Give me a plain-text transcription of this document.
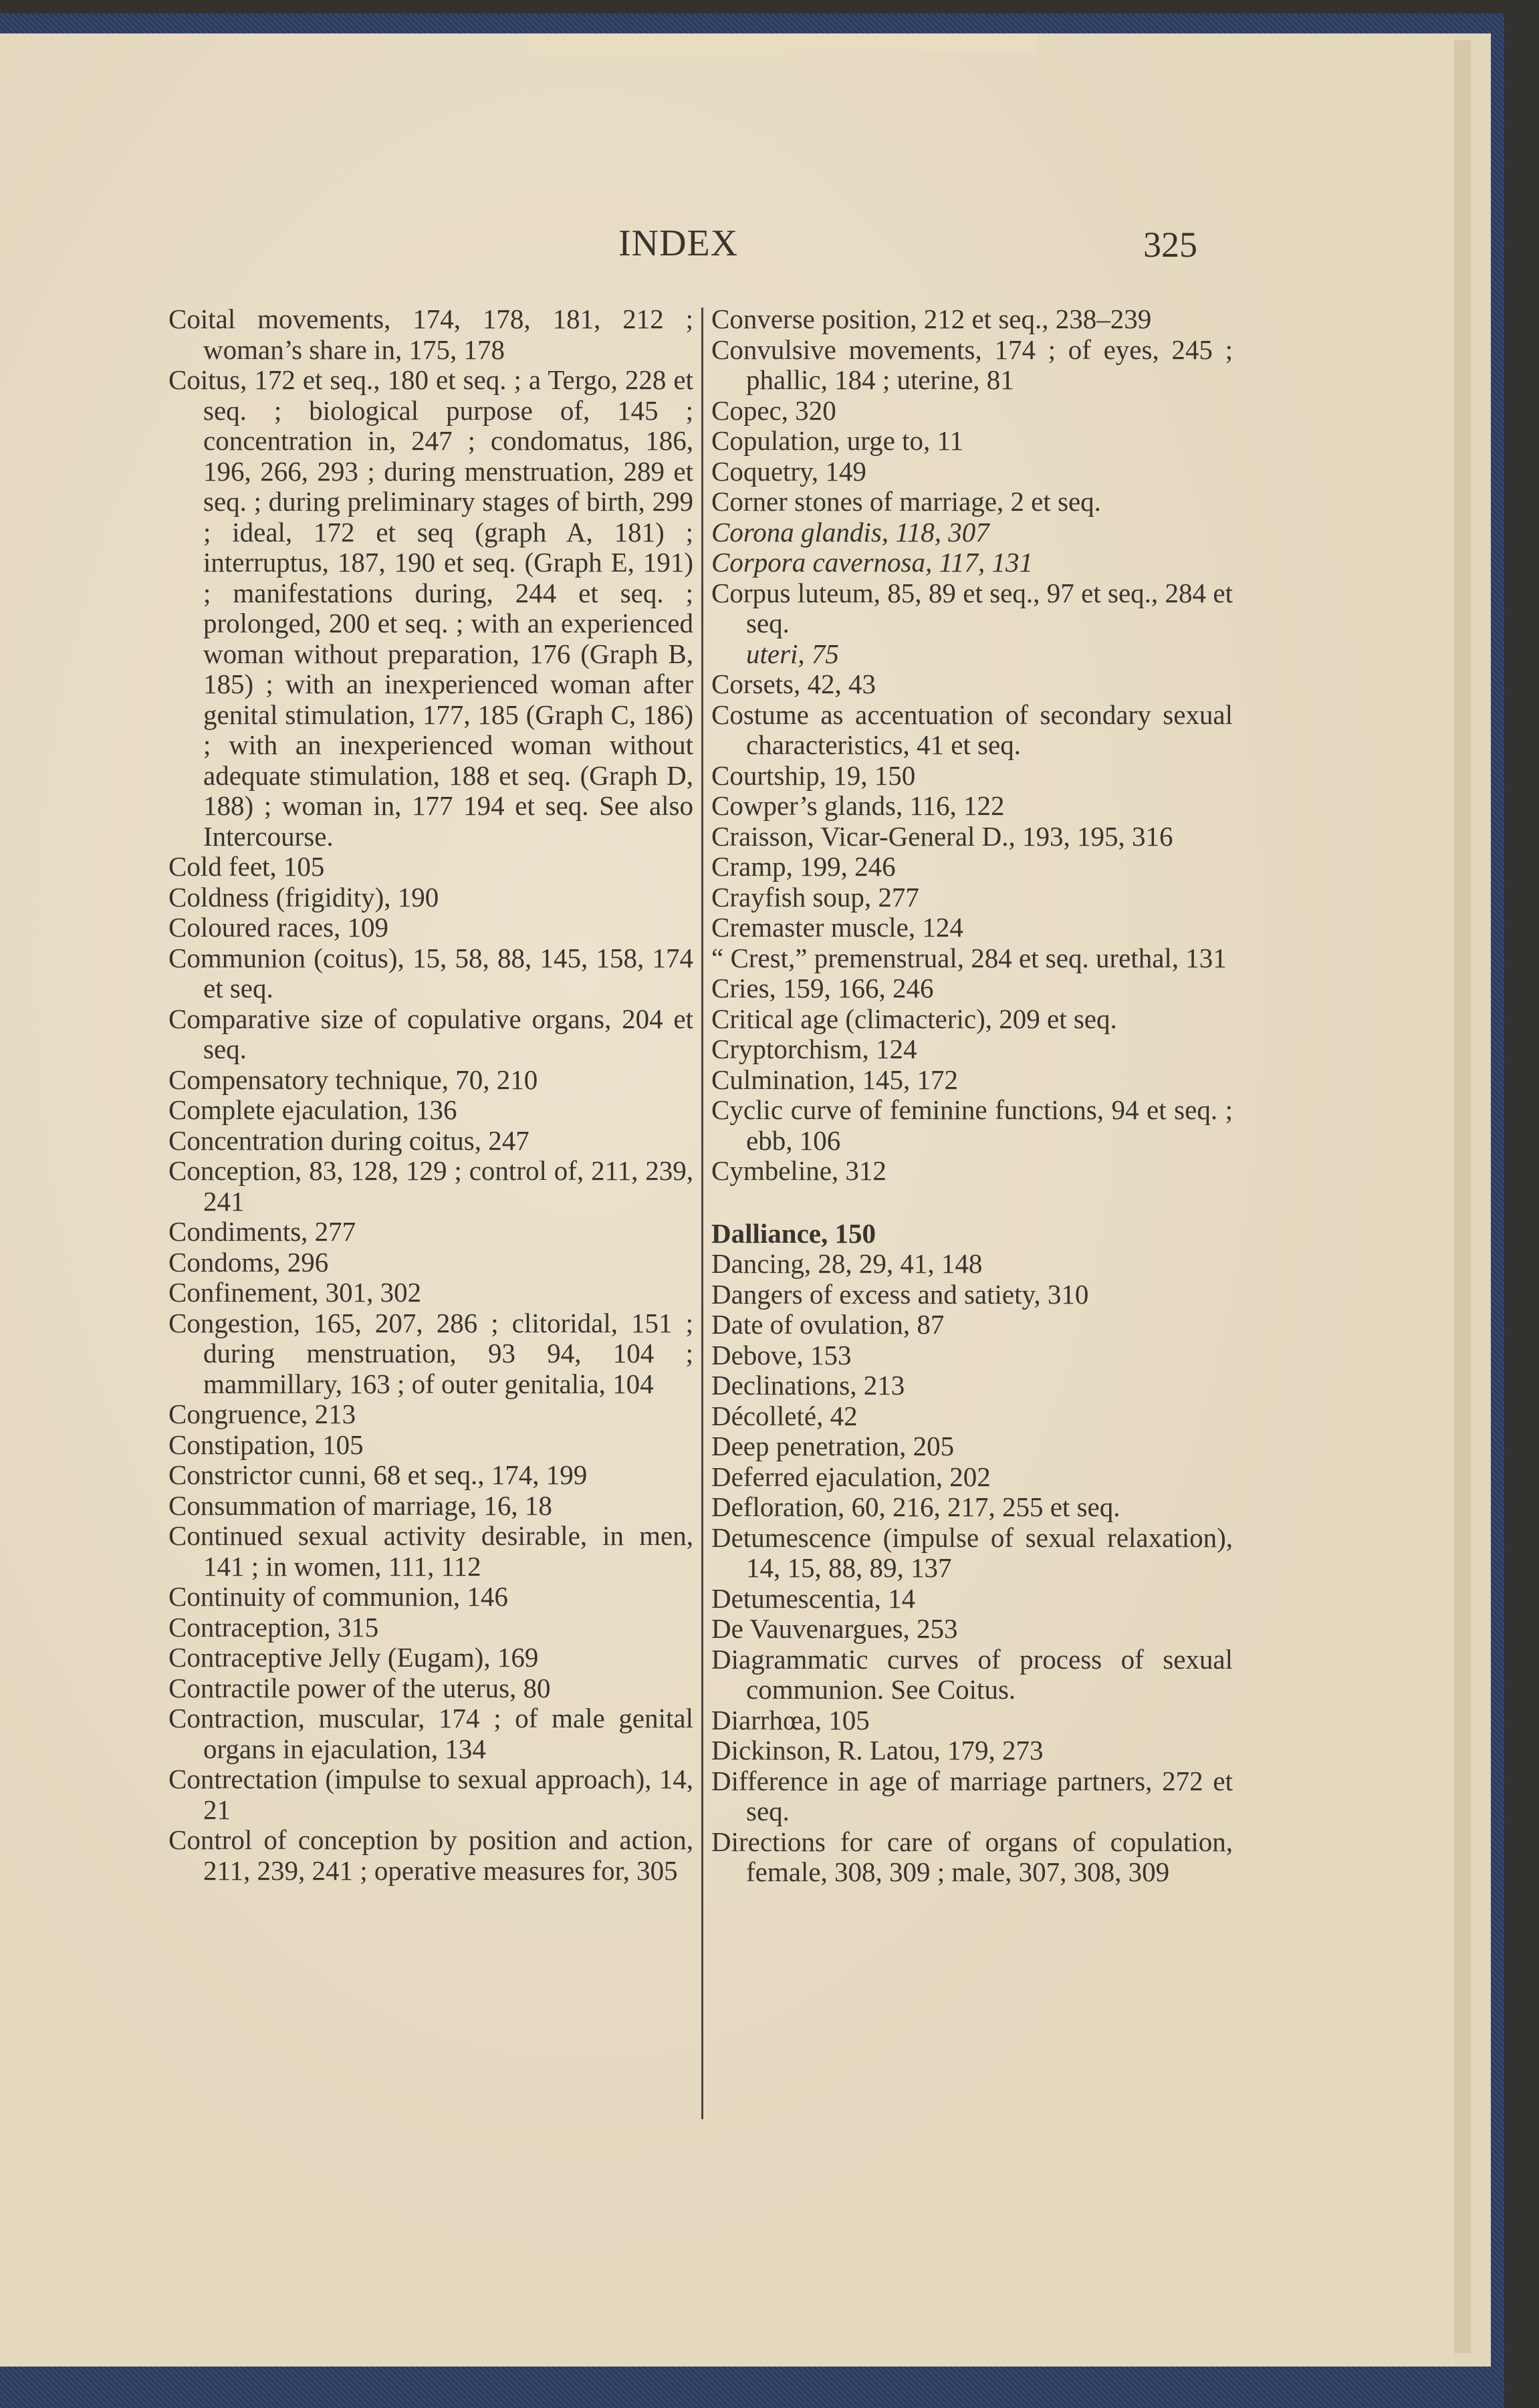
INDEX	325
Coital movements, 174, 178, 181, 212 ; woman’s share in, 175, 178
Coitus, 172 et seq., 180 et seq. ; a Tergo, 228 et seq. ; biological purpose of, 145 ; concentration in, 247 ; condomatus, 186, 196, 266, 293 ; during menstruation, 289 et seq. ; during preliminary stages of birth, 299 ; ideal, 172 et seq (graph A, 181) ; interruptus, 187, 190 et seq. (Graph E, 191) ; manifestations during, 244 et seq. ; prolonged, 200 et seq. ; with an experienced woman without preparation, 176 (Graph B, 185) ; with an inexperienced woman after genital stimulation, 177, 185 (Graph C, 186) ; with an inexperienced woman without adequate stimulation, 188 et seq. (Graph D, 188) ; woman in, 177 194 et seq. See also Intercourse.
Cold feet, 105
Coldness (frigidity), 190
Coloured races, 109
Communion (coitus), 15, 58, 88, 145, 158, 174 et seq.
Comparative size of copulative organs, 204 et seq.
Compensatory technique, 70, 210
Complete ejaculation, 136
Concentration during coitus, 247
Conception, 83, 128, 129 ; control of, 211, 239, 241
Condiments, 277
Condoms, 296
Confinement, 301, 302
Congestion, 165, 207, 286 ; clitoridal, 151 ; during menstruation, 93 94, 104 ; mammillary, 163 ; of outer genitalia, 104
Congruence, 213
Constipation, 105
Constrictor cunni, 68 et seq., 174, 199
Consummation of marriage, 16, 18
Continued sexual activity desirable, in men, 141 ; in women, 111, 112
Continuity of communion, 146
Contraception, 315
Contraceptive Jelly (Eugam), 169
Contractile power of the uterus, 80
Contraction, muscular, 174 ; of male genital organs in ejaculation, 134
Contrectation (impulse to sexual approach), 14, 21
Control of conception by position and action, 211, 239, 241 ; operative measures for, 305
Converse position, 212 et seq., 238–239
Convulsive movements, 174 ; of eyes, 245 ; phallic, 184 ; uterine, 81
Copec, 320
Copulation, urge to, 11
Coquetry, 149
Corner stones of marriage, 2 et seq.
Corona glandis, 118, 307
Corpora cavernosa, 117, 131
Corpus luteum, 85, 89 et seq., 97 et seq., 284 et seq.
uteri, 75
Corsets, 42, 43
Costume as accentuation of secondary sexual characteristics, 41 et seq.
Courtship, 19, 150
Cowper’s glands, 116, 122
Craisson, Vicar-General D., 193, 195, 316
Cramp, 199, 246
Crayfish soup, 277
Cremaster muscle, 124
“ Crest,” premenstrual, 284 et seq. urethal, 131
Cries, 159, 166, 246
Critical age (climacteric), 209 et seq.
Cryptorchism, 124
Culmination, 145, 172
Cyclic curve of feminine functions, 94 et seq. ; ebb, 106
Cymbeline, 312
Dalliance, 150
Dancing, 28, 29, 41, 148
Dangers of excess and satiety, 310
Date of ovulation, 87
Debove, 153
Declinations, 213
Décolleté, 42
Deep penetration, 205
Deferred ejaculation, 202
Defloration, 60, 216, 217, 255 et seq.
Detumescence (impulse of sexual relaxation), 14, 15, 88, 89, 137
Detumescentia, 14
De Vauvenargues, 253
Diagrammatic curves of process of sexual communion. See Coitus.
Diarrhœa, 105
Dickinson, R. Latou, 179, 273
Difference in age of marriage partners, 272 et seq.
Directions for care of organs of copulation, female, 308, 309 ; male, 307, 308, 309
